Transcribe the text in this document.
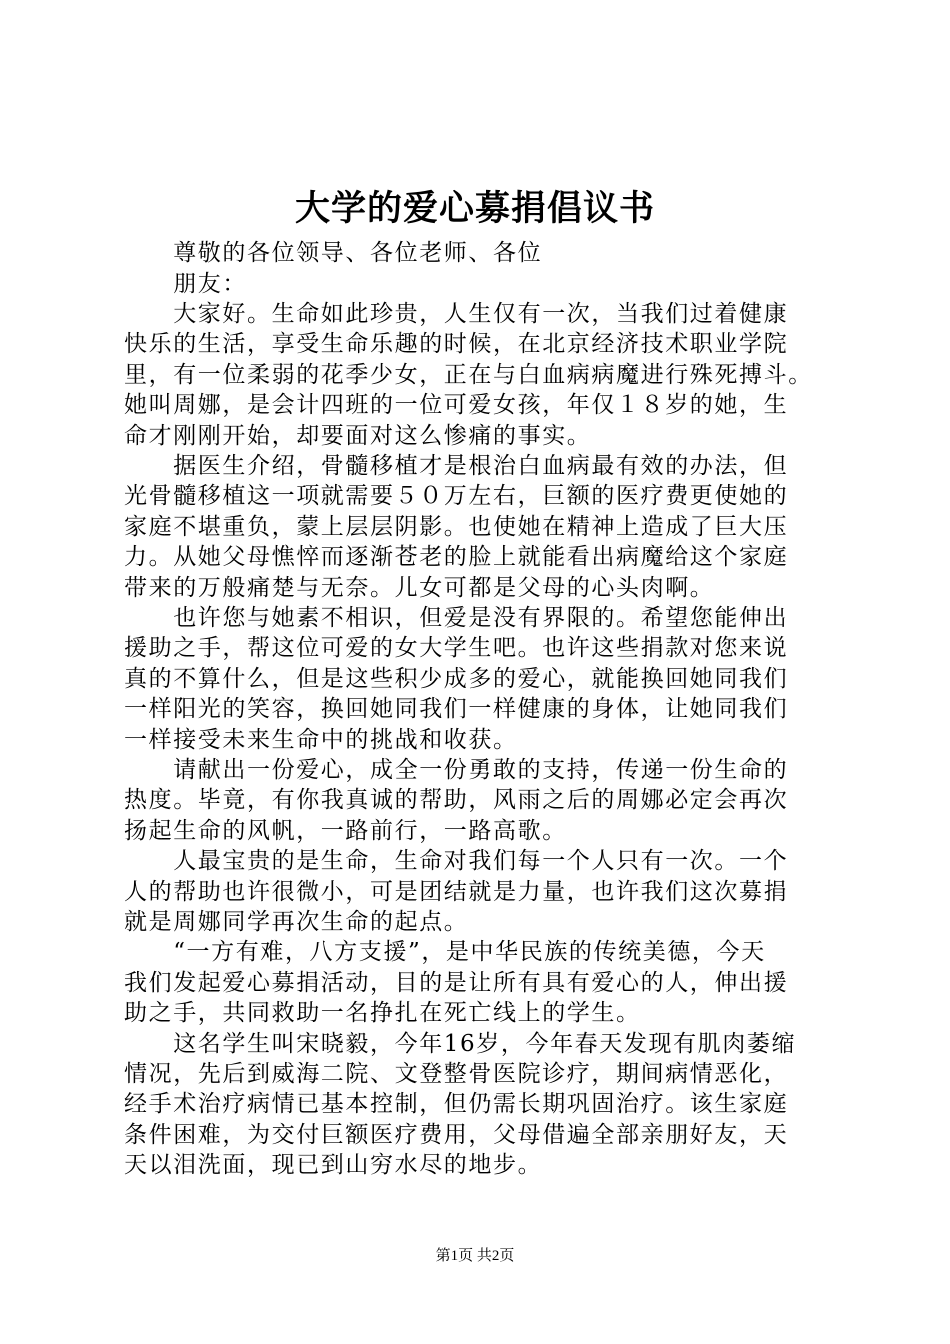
大学的爱心募捐倡议书
　　尊敬的各位领导、各位老师、各位
　　朋友：
　　大家好。生命如此珍贵，人生仅有一次，当我们过着健康
快乐的生活，享受生命乐趣的时候，在北京经济技术职业学院
里，有一位柔弱的花季少女，正在与白血病病魔进行殊死搏斗。
她叫周娜，是会计四班的一位可爱女孩，年仅１８岁的她，生
命才刚刚开始，却要面对这么惨痛的事实。
　　据医生介绍，骨髓移植才是根治白血病最有效的办法，但
光骨髓移植这一项就需要５０万左右，巨额的医疗费更使她的
家庭不堪重负，蒙上层层阴影。也使她在精神上造成了巨大压
力。从她父母憔悴而逐渐苍老的脸上就能看出病魔给这个家庭
带来的万般痛楚与无奈。儿女可都是父母的心头肉啊。
　　也许您与她素不相识，但爱是没有界限的。希望您能伸出
援助之手，帮这位可爱的女大学生吧。也许这些捐款对您来说
真的不算什么，但是这些积少成多的爱心，就能换回她同我们
一样阳光的笑容，换回她同我们一样健康的身体，让她同我们
一样接受未来生命中的挑战和收获。
　　请献出一份爱心，成全一份勇敢的支持，传递一份生命的
热度。毕竟，有你我真诚的帮助，风雨之后的周娜必定会再次
扬起生命的风帆，一路前行，一路高歌。
　　人最宝贵的是生命，生命对我们每一个人只有一次。一个
人的帮助也许很微小，可是团结就是力量，也许我们这次募捐
就是周娜同学再次生命的起点。
　　“一方有难，八方支援”，是中华民族的传统美德，今天
我们发起爱心募捐活动，目的是让所有具有爱心的人，伸出援
助之手，共同救助一名挣扎在死亡线上的学生。
　　这名学生叫宋晓毅，今年16岁，今年春天发现有肌肉萎缩
情况，先后到威海二院、文登整骨医院诊疗，期间病情恶化，
经手术治疗病情已基本控制，但仍需长期巩固治疗。该生家庭
条件困难，为交付巨额医疗费用，父母借遍全部亲朋好友，天
天以泪洗面，现已到山穷水尽的地步。
第1页 共2页
